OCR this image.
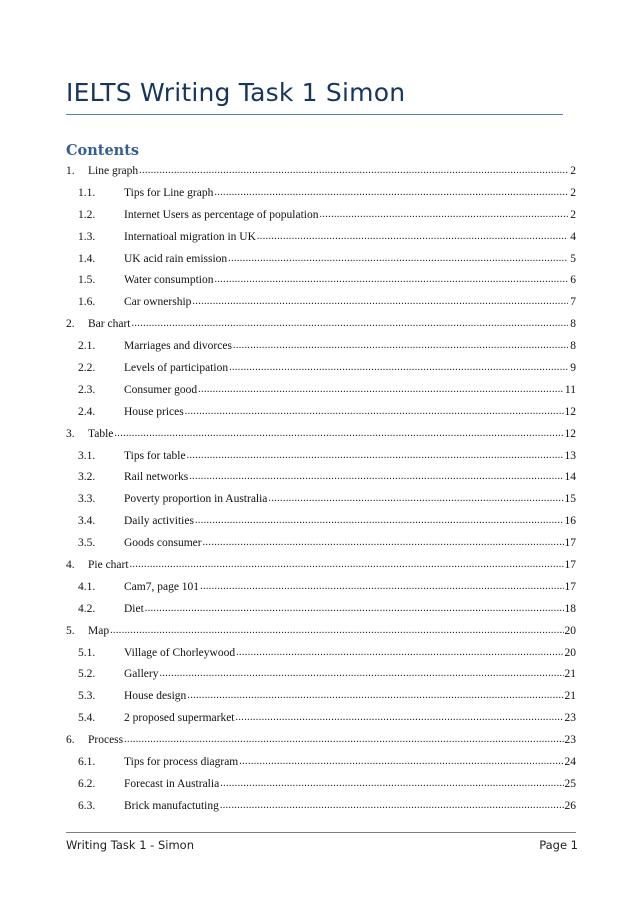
IELTS Writing Task 1 Simon
Contents
1.	Line graph .....	2
1.1.	Tips for Line graph .....	2
1.2.	Internet Users as percentage of population .....	2
1.3.	Internatioal migration in UK .....	4
1.4.	UK acid rain emission .....	5
1.5.	Water consumption .....	6
1.6.	Car ownership .....	7
2.	Bar chart .....	8
2.1.	Marriages and divorces .....	8
2.2.	Levels of participation .....	9
2.3.	Consumer good .....	11
2.4.	House prices .....	12
3.	Table .....	12
3.1.	Tips for table .....	13
3.2.	Rail networks .....	14
3.3.	Poverty proportion in Australia .....	15
3.4.	Daily activities .....	16
3.5.	Goods consumer .....	17
4.	Pie chart .....	17
4.1.	Cam7, page 101 .....	17
4.2.	Diet .....	18
5.	Map .....	20
5.1.	Village of Chorleywood .....	20
5.2.	Gallery .....	21
5.3.	House design .....	21
5.4.	2 proposed supermarket .....	23
6.	Process .....	23
6.1.	Tips for process diagram .....	24
6.2.	Forecast in Australia .....	25
6.3.	Brick manufactuting .....	26
Writing Task 1 - Simon	Page 1
